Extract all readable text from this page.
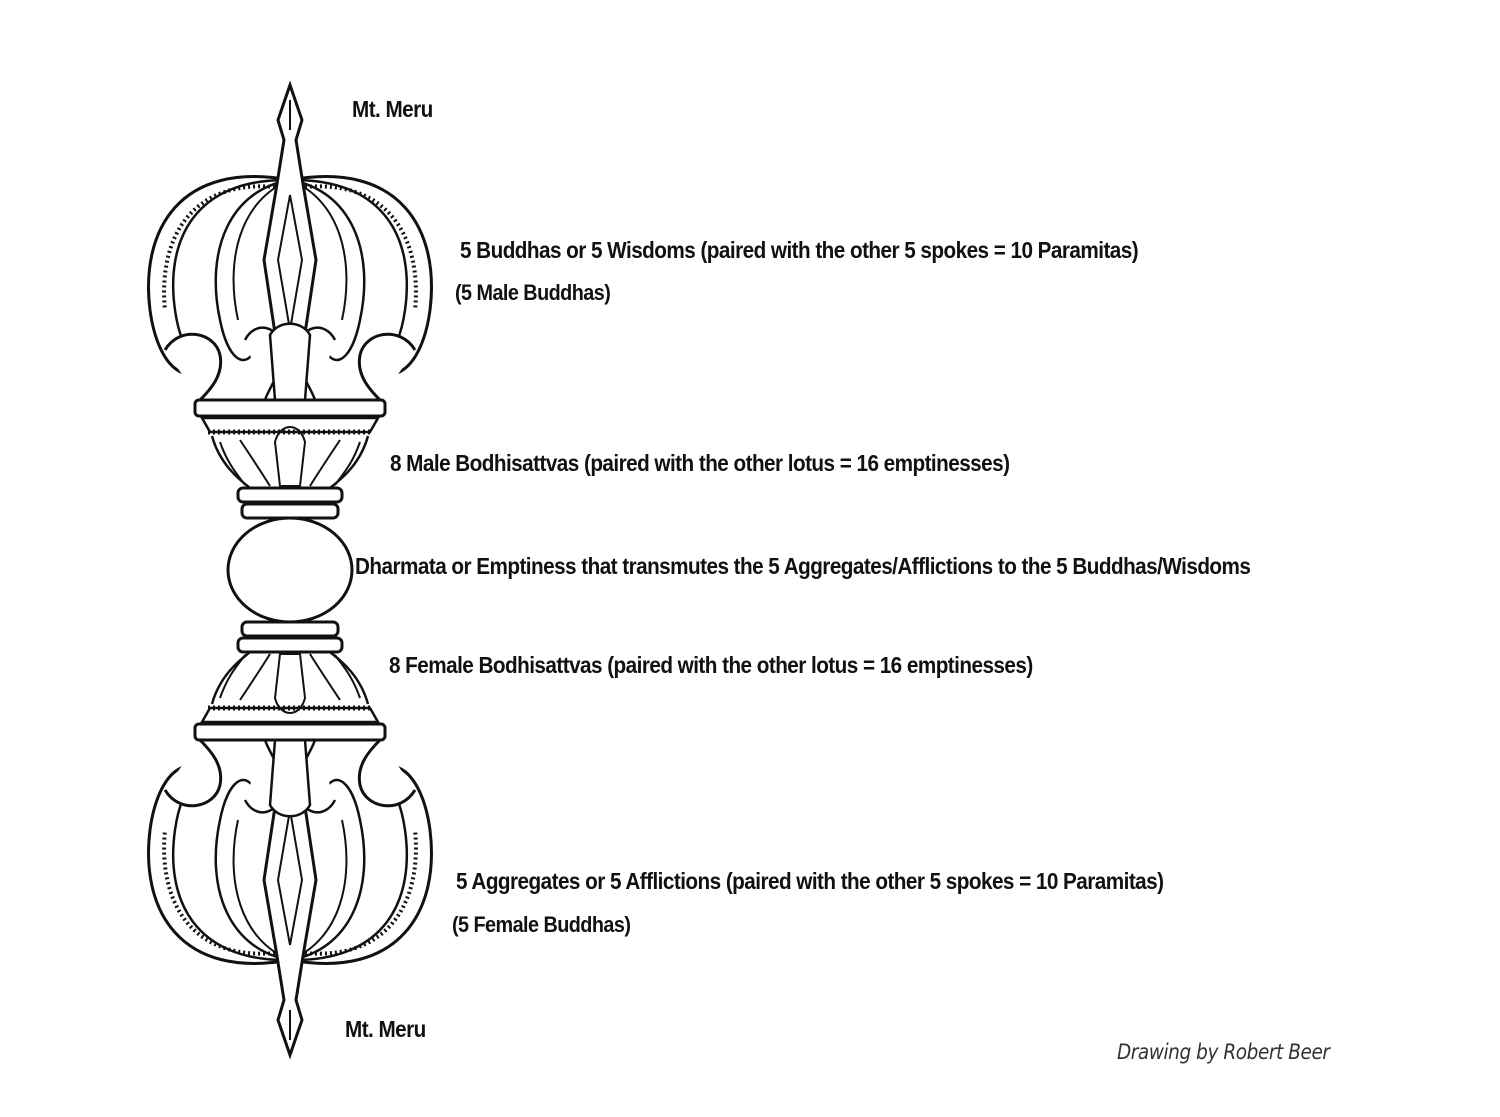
Mt. Meru
5 Buddhas or 5 Wisdoms (paired with the other 5 spokes = 10 Paramitas)
(5 Male Buddhas)
8 Male Bodhisattvas (paired with the other lotus = 16 emptinesses)
Dharmata or Emptiness that transmutes the 5 Aggregates/Afflictions to the 5 Buddhas/Wisdoms
8 Female Bodhisattvas (paired with the other lotus = 16 emptinesses)
5 Aggregates or 5 Afflictions (paired with the other 5 spokes = 10 Paramitas)
(5 Female Buddhas)
Mt. Meru
Drawing by Robert Beer
